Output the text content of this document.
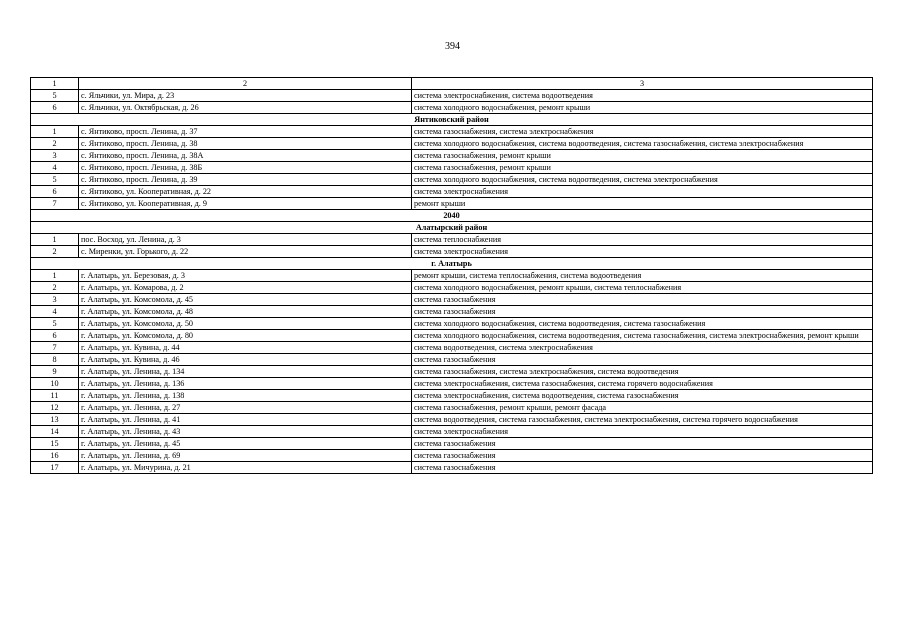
394
1	2	3
5	с. Яльчики, ул. Мира, д. 23	система электроснабжения, система водоотведения
6	с. Яльчики, ул. Октябрьская, д. 26	система холодного водоснабжения, ремонт крыши
Янтиковский район		
1	с. Янтиково, просп. Ленина, д. 37	система газоснабжения, система электроснабжения
2	с. Янтиково, просп. Ленина, д. 38	система холодного водоснабжения, система водоотведения, система газоснабжения, система электроснабжения
3	с. Янтиково, просп. Ленина, д. 38А	система газоснабжения, ремонт крыши
4	с. Янтиково, просп. Ленина, д. 38Б	система газоснабжения, ремонт крыши
5	с. Янтиково, просп. Ленина, д. 39	система холодного водоснабжения, система водоотведения, система электроснабжения
6	с. Янтиково, ул. Кооперативная, д. 22	система электроснабжения
7	с. Янтиково, ул. Кооперативная, д. 9	ремонт крыши
2040		
Алатырский район		
1	пос. Восход, ул. Ленина, д. 3	система теплоснабжения
2	с. Миренки, ул. Горького, д. 22	система электроснабжения
г. Алатырь		
1	г. Алатырь, ул. Березовая, д. 3	ремонт крыши, система теплоснабжения, система водоотведения
2	г. Алатырь, ул. Комарова, д. 2	система холодного водоснабжения, ремонт крыши, система теплоснабжения
3	г. Алатырь, ул. Комсомола, д. 45	система газоснабжения
4	г. Алатырь, ул. Комсомола, д. 48	система газоснабжения
5	г. Алатырь, ул. Комсомола, д. 50	система холодного водоснабжения, система водоотведения, система газоснабжения
6	г. Алатырь, ул. Комсомола, д. 80	система холодного водоснабжения, система водоотведения, система газоснабжения, система электроснабжения, ремонт крыши
7	г. Алатырь, ул. Кувина, д. 44	система водоотведения, система электроснабжения
8	г. Алатырь, ул. Кувина, д. 46	система газоснабжения
9	г. Алатырь, ул. Ленина, д. 134	система газоснабжения, система электроснабжения, система водоотведения
10	г. Алатырь, ул. Ленина, д. 136	система электроснабжения, система газоснабжения, система горячего водоснабжения
11	г. Алатырь, ул. Ленина, д. 138	система электроснабжения, система водоотведения, система газоснабжения
12	г. Алатырь, ул. Ленина, д. 27	система газоснабжения, ремонт крыши, ремонт фасада
13	г. Алатырь, ул. Ленина, д. 41	система водоотведения, система газоснабжения, система электроснабжения, система горячего водоснабжения
14	г. Алатырь, ул. Ленина, д. 43	система электроснабжения
15	г. Алатырь, ул. Ленина, д. 45	система газоснабжения
16	г. Алатырь, ул. Ленина, д. 69	система газоснабжения
17	г. Алатырь, ул. Мичурина, д. 21	система газоснабжения
